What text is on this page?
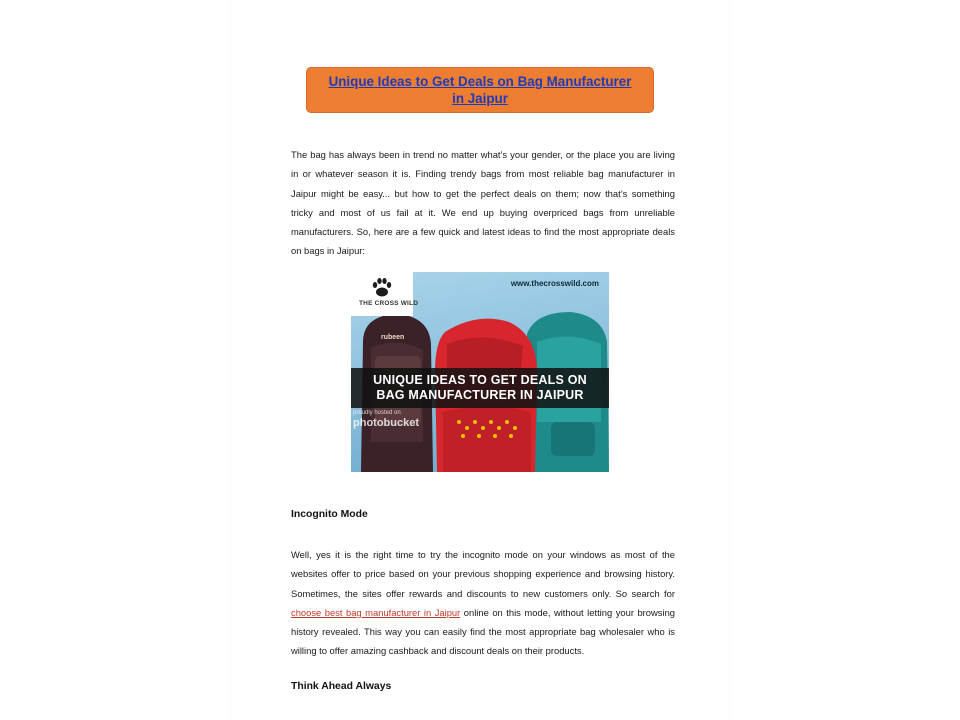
Unique Ideas to Get Deals on Bag Manufacturer
in Jaipur

The bag has always been in trend no matter what’s your gender, or the place you are living
in or whatever season it is. Finding trendy bags from most reliable bag manufacturer in
Jaipur might be easy... but how to get the perfect deals on them; now that’s something
tricky and most of us fail at it. We end up buying overpriced bags from unreliable
manufacturers. So, here are a few quick and latest ideas to find the most appropriate deals
on bags in Jaipur:

THE CROSS WILD
www.thecrosswild.com
rubeen
UNIQUE IDEAS TO GET DEALS ON
BAG MANUFACTURER IN JAIPUR
proudly hosted on
photobucket
Incognito Mode

Well, yes it is the right time to try the incognito mode on your windows as most of the
websites offer to price based on your previous shopping experience and browsing history.
Sometimes, the sites offer rewards and discounts to new customers only. So search for
choose best bag manufacturer in Jaipur online on this mode, without letting your browsing
history revealed. This way you can easily find the most appropriate bag wholesaler who is
willing to offer amazing cashback and discount deals on their products.

Think Ahead Always
